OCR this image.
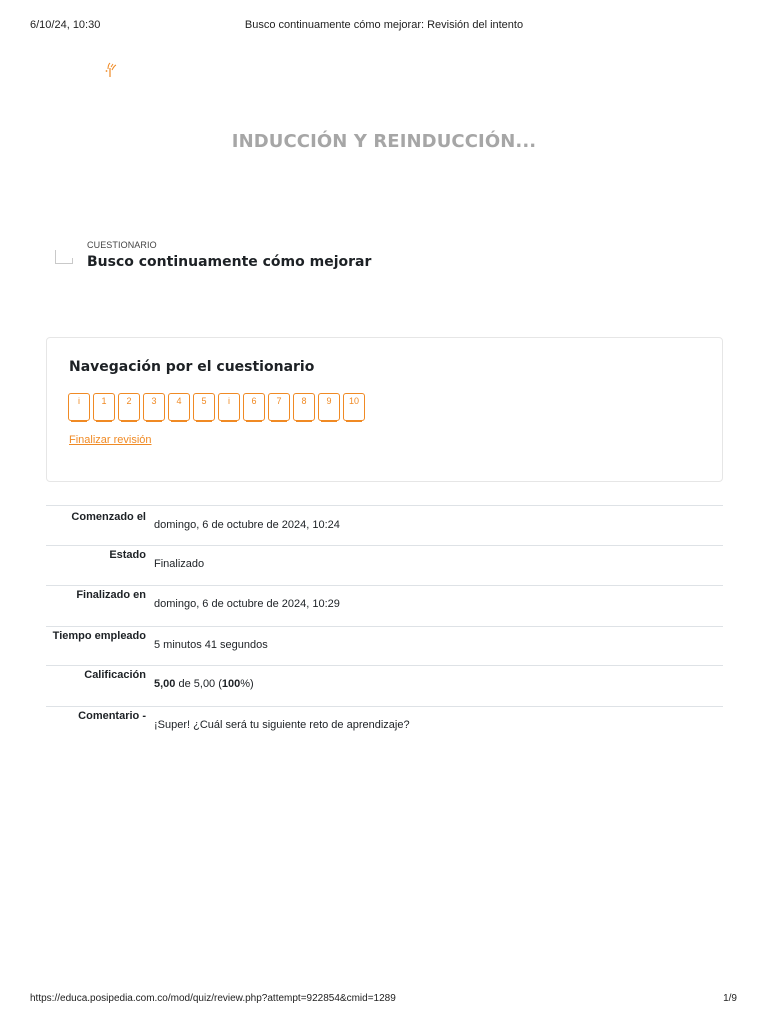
6/10/24, 10:30	Busco continuamente cómo mejorar: Revisión del intento
INDUCCIÓN Y REINDUCCIÓN...
CUESTIONARIO
Busco continuamente cómo mejorar
Navegación por el cuestionario
i	1	2	3	4	5	i	6	7	8	9	10
Finalizar revisión
Comenzado el
domingo, 6 de octubre de 2024, 10:24
Estado
Finalizado
Finalizado en
domingo, 6 de octubre de 2024, 10:29
Tiempo empleado
5 minutos 41 segundos
Calificación
5,00 de 5,00 (100%)
Comentario -
¡Super! ¿Cuál será tu siguiente reto de aprendizaje?
https://educa.posipedia.com.co/mod/quiz/review.php?attempt=922854&cmid=1289	1/9
